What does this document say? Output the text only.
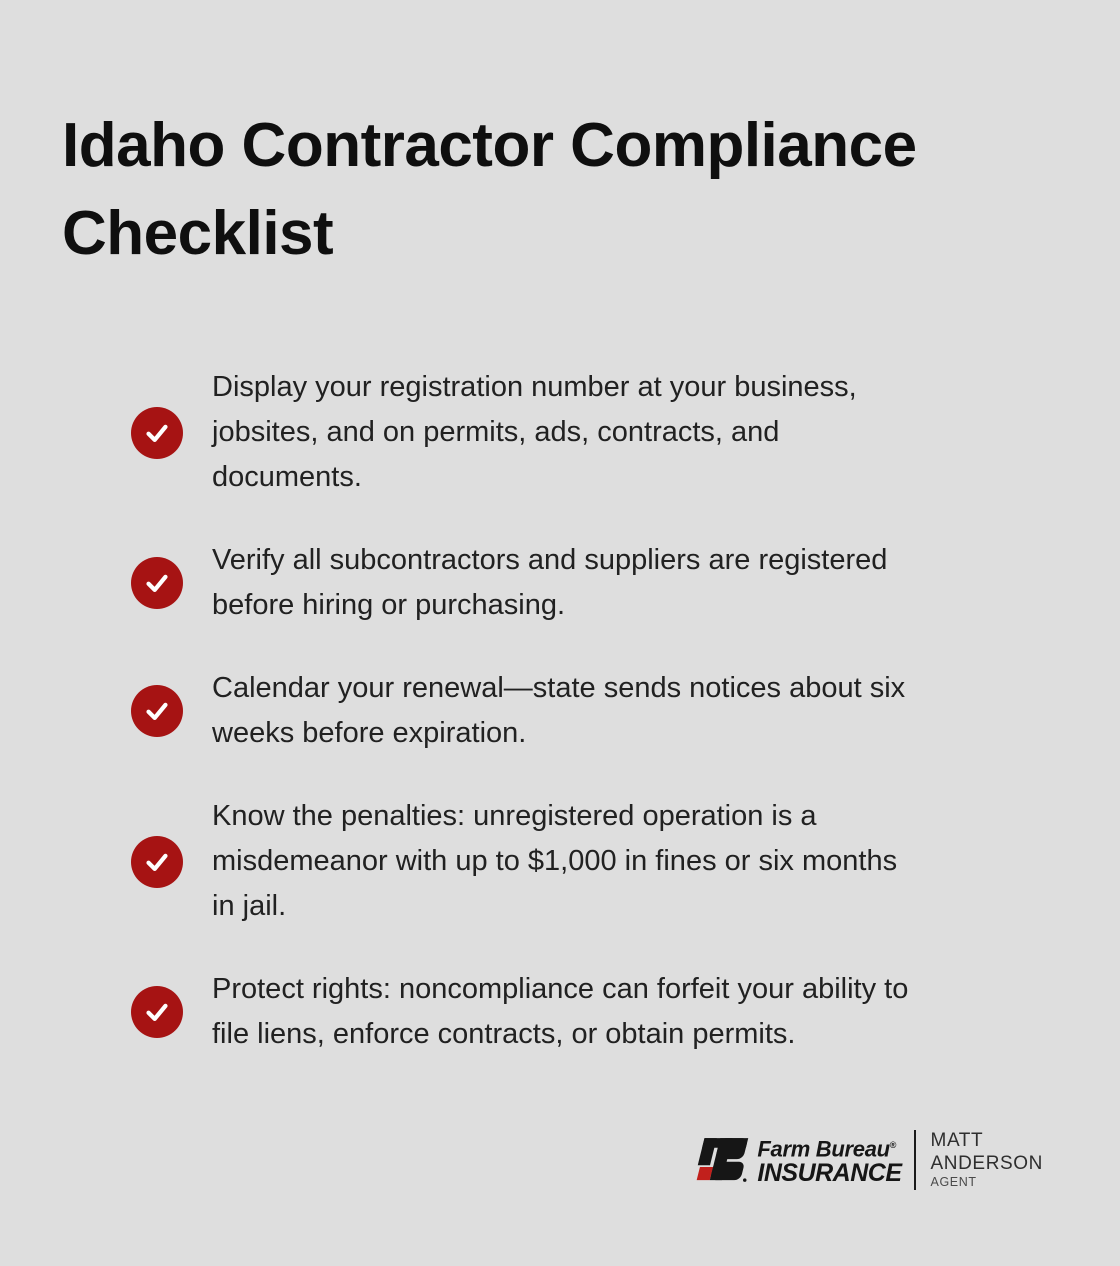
Idaho Contractor Compliance Checklist
Display your registration number at your business,
jobsites, and on permits, ads, contracts, and
documents.
Verify all subcontractors and suppliers are registered
before hiring or purchasing.
Calendar your renewal—state sends notices about six
weeks before expiration.
Know the penalties: unregistered operation is a
misdemeanor with up to $1,000 in fines or six months
in jail.
Protect rights: noncompliance can forfeit your ability to
file liens, enforce contracts, or obtain permits.
Farm Bureau®
INSURANCE
MATT
ANDERSON
AGENT
